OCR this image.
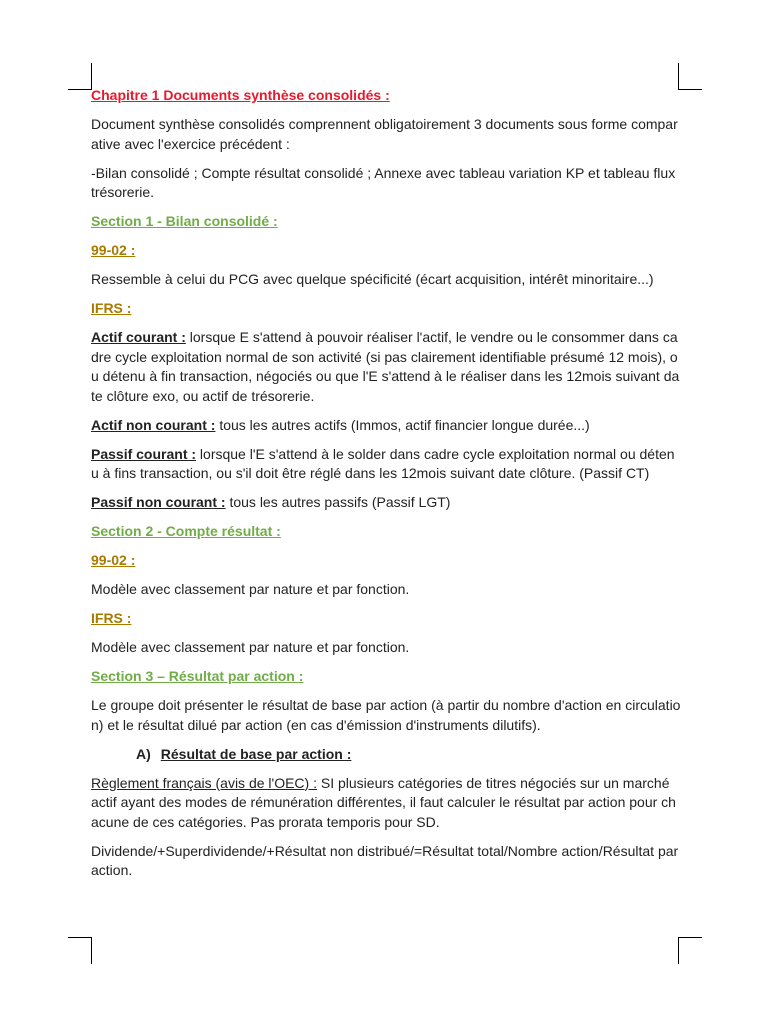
Chapitre 1 Documents synthèse consolidés :

Document synthèse consolidés comprennent obligatoirement 3 documents sous forme comparative avec l'exercice précédent :

-Bilan consolidé ; Compte résultat consolidé ; Annexe avec tableau variation KP et tableau flux trésorerie.

Section 1 - Bilan consolidé :

99-02 :

Ressemble à celui du PCG avec quelque spécificité (écart acquisition, intérêt minoritaire...)

IFRS :

Actif courant : lorsque E s'attend à pouvoir réaliser l'actif, le vendre ou le consommer dans cadre cycle exploitation normal de son activité (si pas clairement identifiable présumé 12 mois), ou détenu à fin transaction, négociés ou que l'E s'attend à le réaliser dans les 12mois suivant date clôture exo, ou actif de trésorerie.

Actif non courant : tous les autres actifs (Immos, actif financier longue durée...)

Passif courant : lorsque l'E s'attend à le solder dans cadre cycle exploitation normal ou détenu à fins transaction, ou s'il doit être réglé dans les 12mois suivant date clôture. (Passif CT)

Passif non courant : tous les autres passifs (Passif LGT)

Section 2 - Compte résultat :

99-02 :

Modèle avec classement par nature et par fonction.

IFRS :

Modèle avec classement par nature et par fonction.

Section 3 – Résultat par action :

Le groupe doit présenter le résultat de base par action (à partir du nombre d'action en circulation) et le résultat dilué par action (en cas d'émission d'instruments dilutifs).

A) Résultat de base par action :

Règlement français (avis de l'OEC) : SI plusieurs catégories de titres négociés sur un marché actif ayant des modes de rémunération différentes, il faut calculer le résultat par action pour chacune de ces catégories. Pas prorata temporis pour SD.

Dividende/+Superdividende/+Résultat non distribué/=Résultat total/Nombre action/Résultat par action.
